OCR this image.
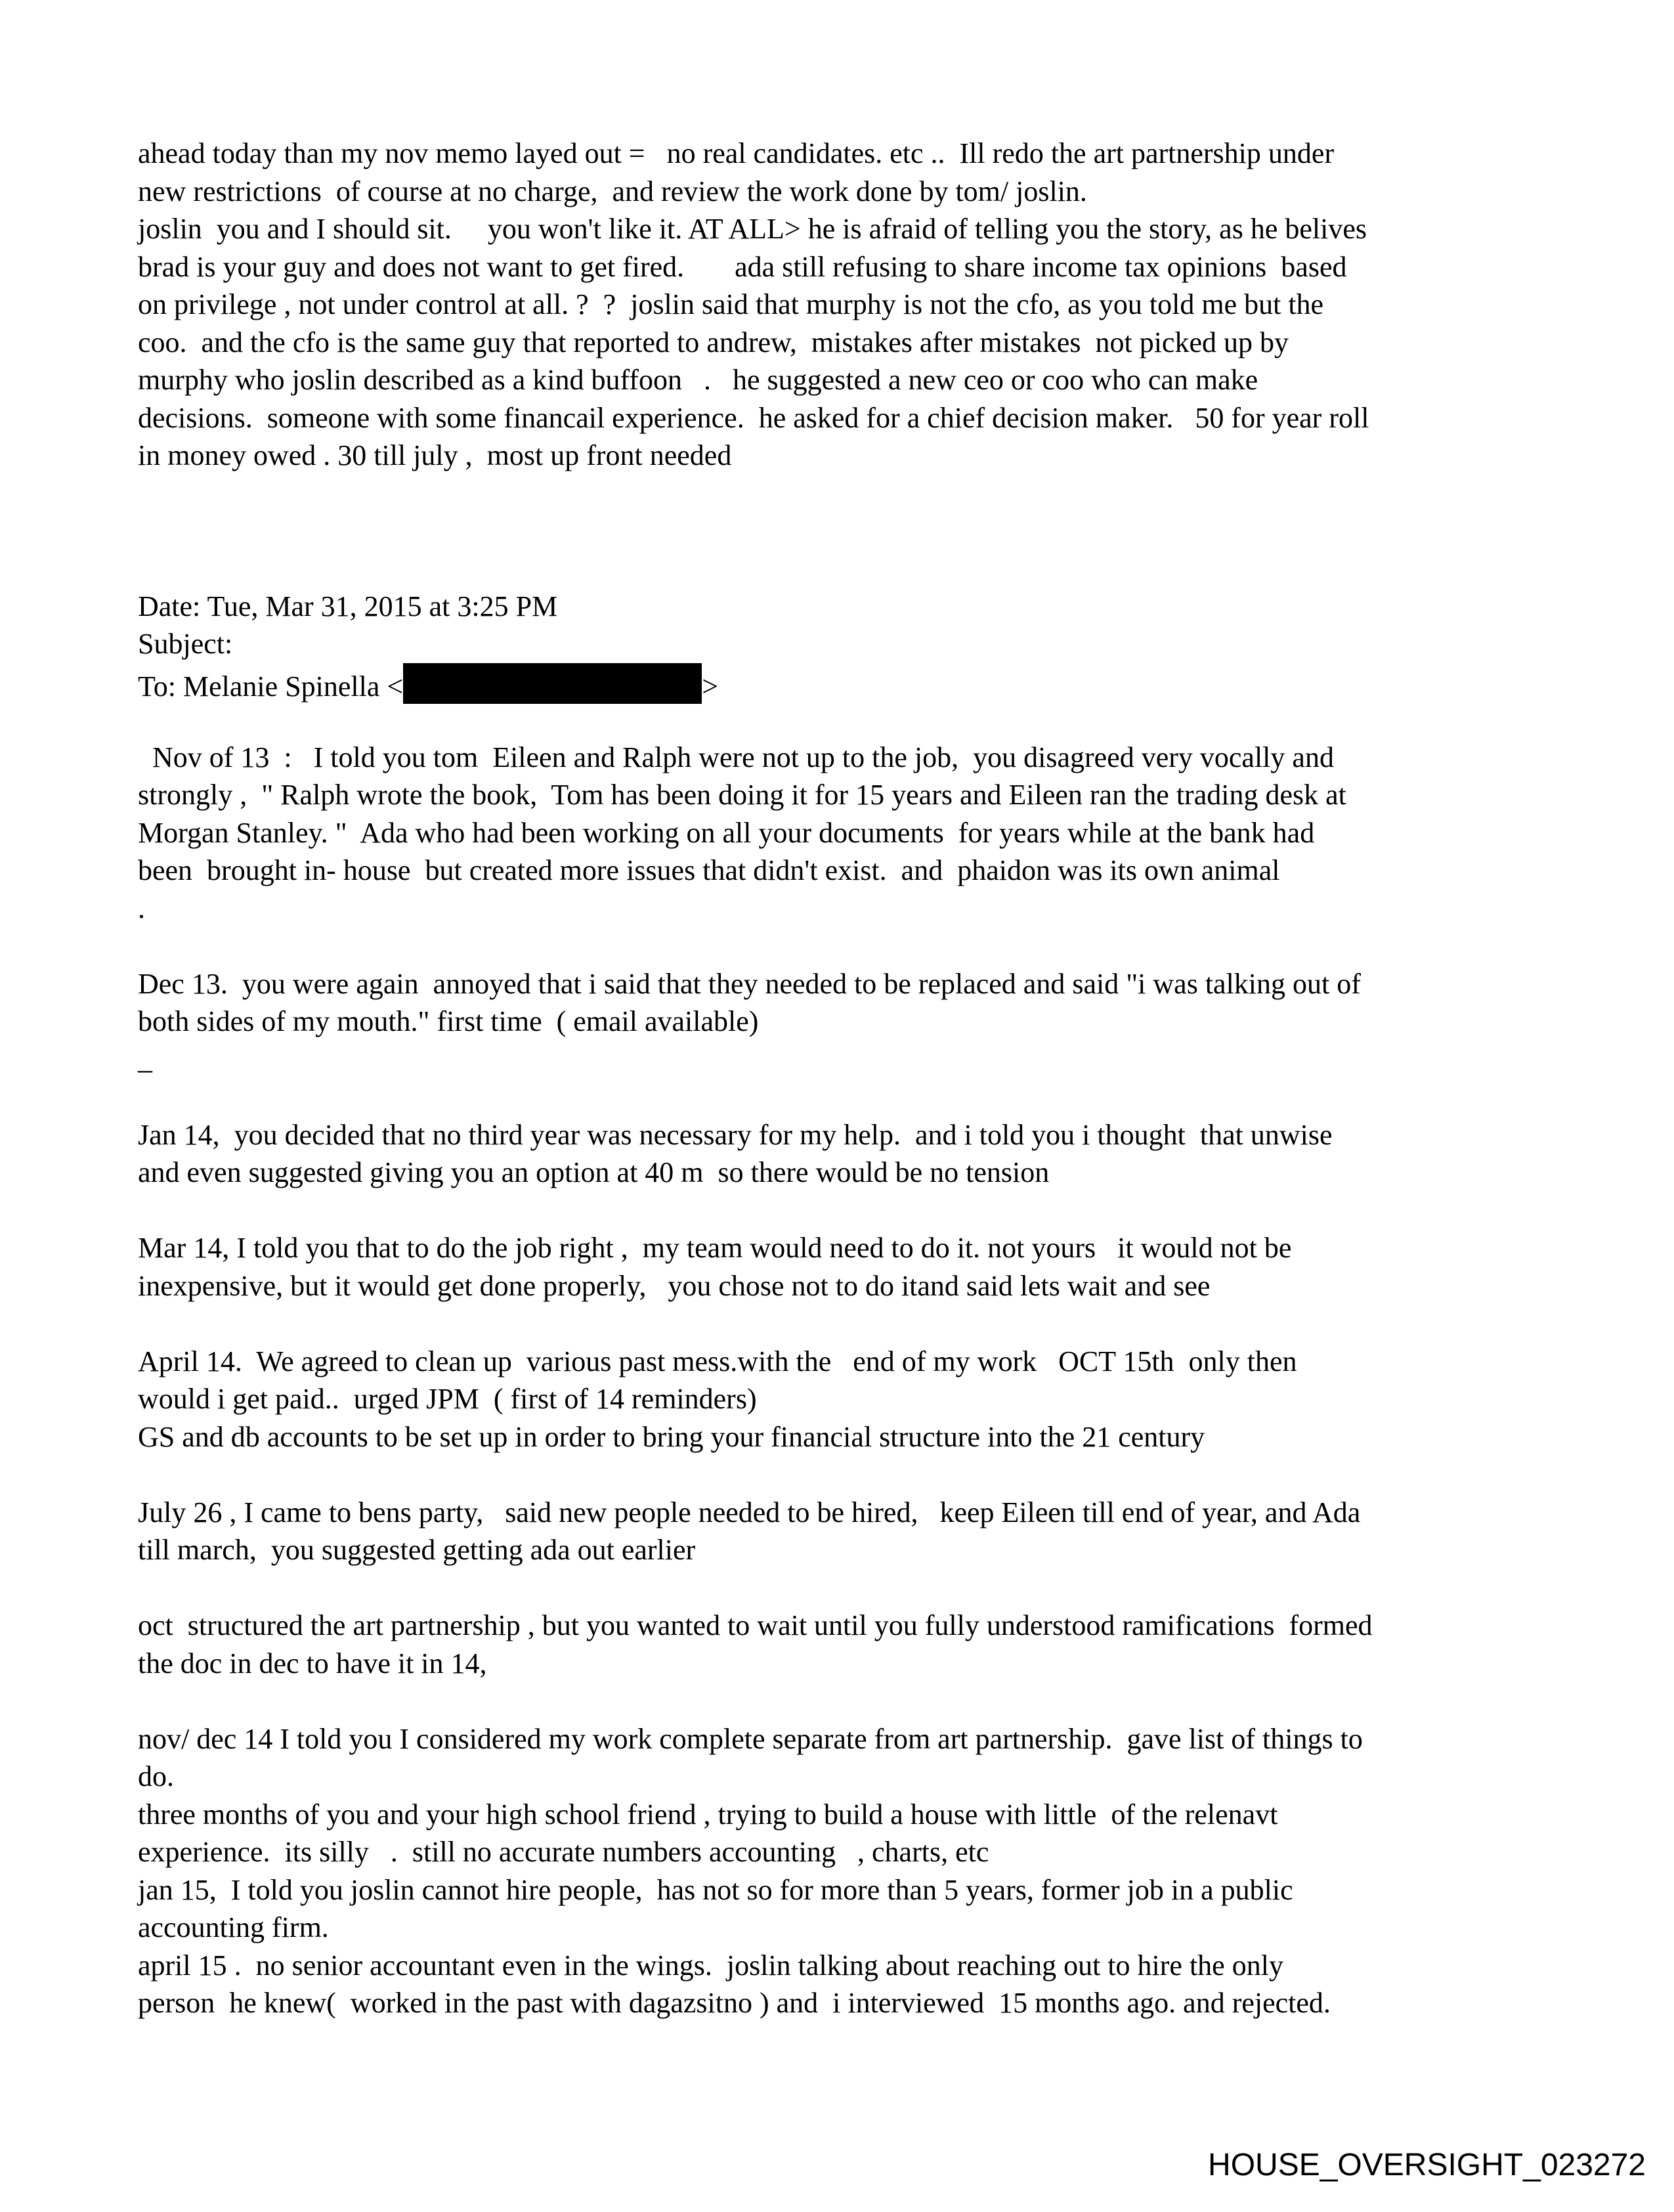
ahead today than my nov memo layed out =   no real candidates. etc ..  Ill redo the art partnership under
new restrictions  of course at no charge,  and review the work done by tom/ joslin.
joslin  you and I should sit.     you won't like it. AT ALL> he is afraid of telling you the story, as he belives
brad is your guy and does not want to get fired.       ada still refusing to share income tax opinions  based
on privilege , not under control at all. ?  ?  joslin said that murphy is not the cfo, as you told me but the
coo.  and the cfo is the same guy that reported to andrew,  mistakes after mistakes  not picked up by
murphy who joslin described as a kind buffoon   .   he suggested a new ceo or coo who can make
decisions.  someone with some financail experience.  he asked for a chief decision maker.   50 for year roll
in money owed . 30 till july ,  most up front needed
Date: Tue, Mar 31, 2015 at 3:25 PM
Subject:
To: Melanie Spinella <	>
Nov of 13  :   I told you tom  Eileen and Ralph were not up to the job,  you disagreed very vocally and
strongly ,  " Ralph wrote the book,  Tom has been doing it for 15 years and Eileen ran the trading desk at
Morgan Stanley. "  Ada who had been working on all your documents  for years while at the bank had
been  brought in- house  but created more issues that didn't exist.  and  phaidon was its own animal
.
Dec 13.  you were again  annoyed that i said that they needed to be replaced and said "i was talking out of
both sides of my mouth." first time  ( email available)
_
Jan 14,  you decided that no third year was necessary for my help.  and i told you i thought  that unwise
and even suggested giving you an option at 40 m  so there would be no tension
Mar 14, I told you that to do the job right ,  my team would need to do it. not yours   it would not be
inexpensive, but it would get done properly,   you chose not to do itand said lets wait and see
April 14.  We agreed to clean up  various past mess.with the   end of my work   OCT 15th  only then
would i get paid..  urged JPM  ( first of 14 reminders)
GS and db accounts to be set up in order to bring your financial structure into the 21 century
July 26 , I came to bens party,   said new people needed to be hired,   keep Eileen till end of year, and Ada
till march,  you suggested getting ada out earlier
oct  structured the art partnership , but you wanted to wait until you fully understood ramifications  formed
the doc in dec to have it in 14,
nov/ dec 14 I told you I considered my work complete separate from art partnership.  gave list of things to
do.
three months of you and your high school friend , trying to build a house with little  of the relenavt
experience.  its silly   .  still no accurate numbers accounting   , charts, etc
jan 15,  I told you joslin cannot hire people,  has not so for more than 5 years, former job in a public
accounting firm.
april 15 .  no senior accountant even in the wings.  joslin talking about reaching out to hire the only
person  he knew(  worked in the past with dagazsitno ) and  i interviewed  15 months ago. and rejected.
HOUSE_OVERSIGHT_023272
